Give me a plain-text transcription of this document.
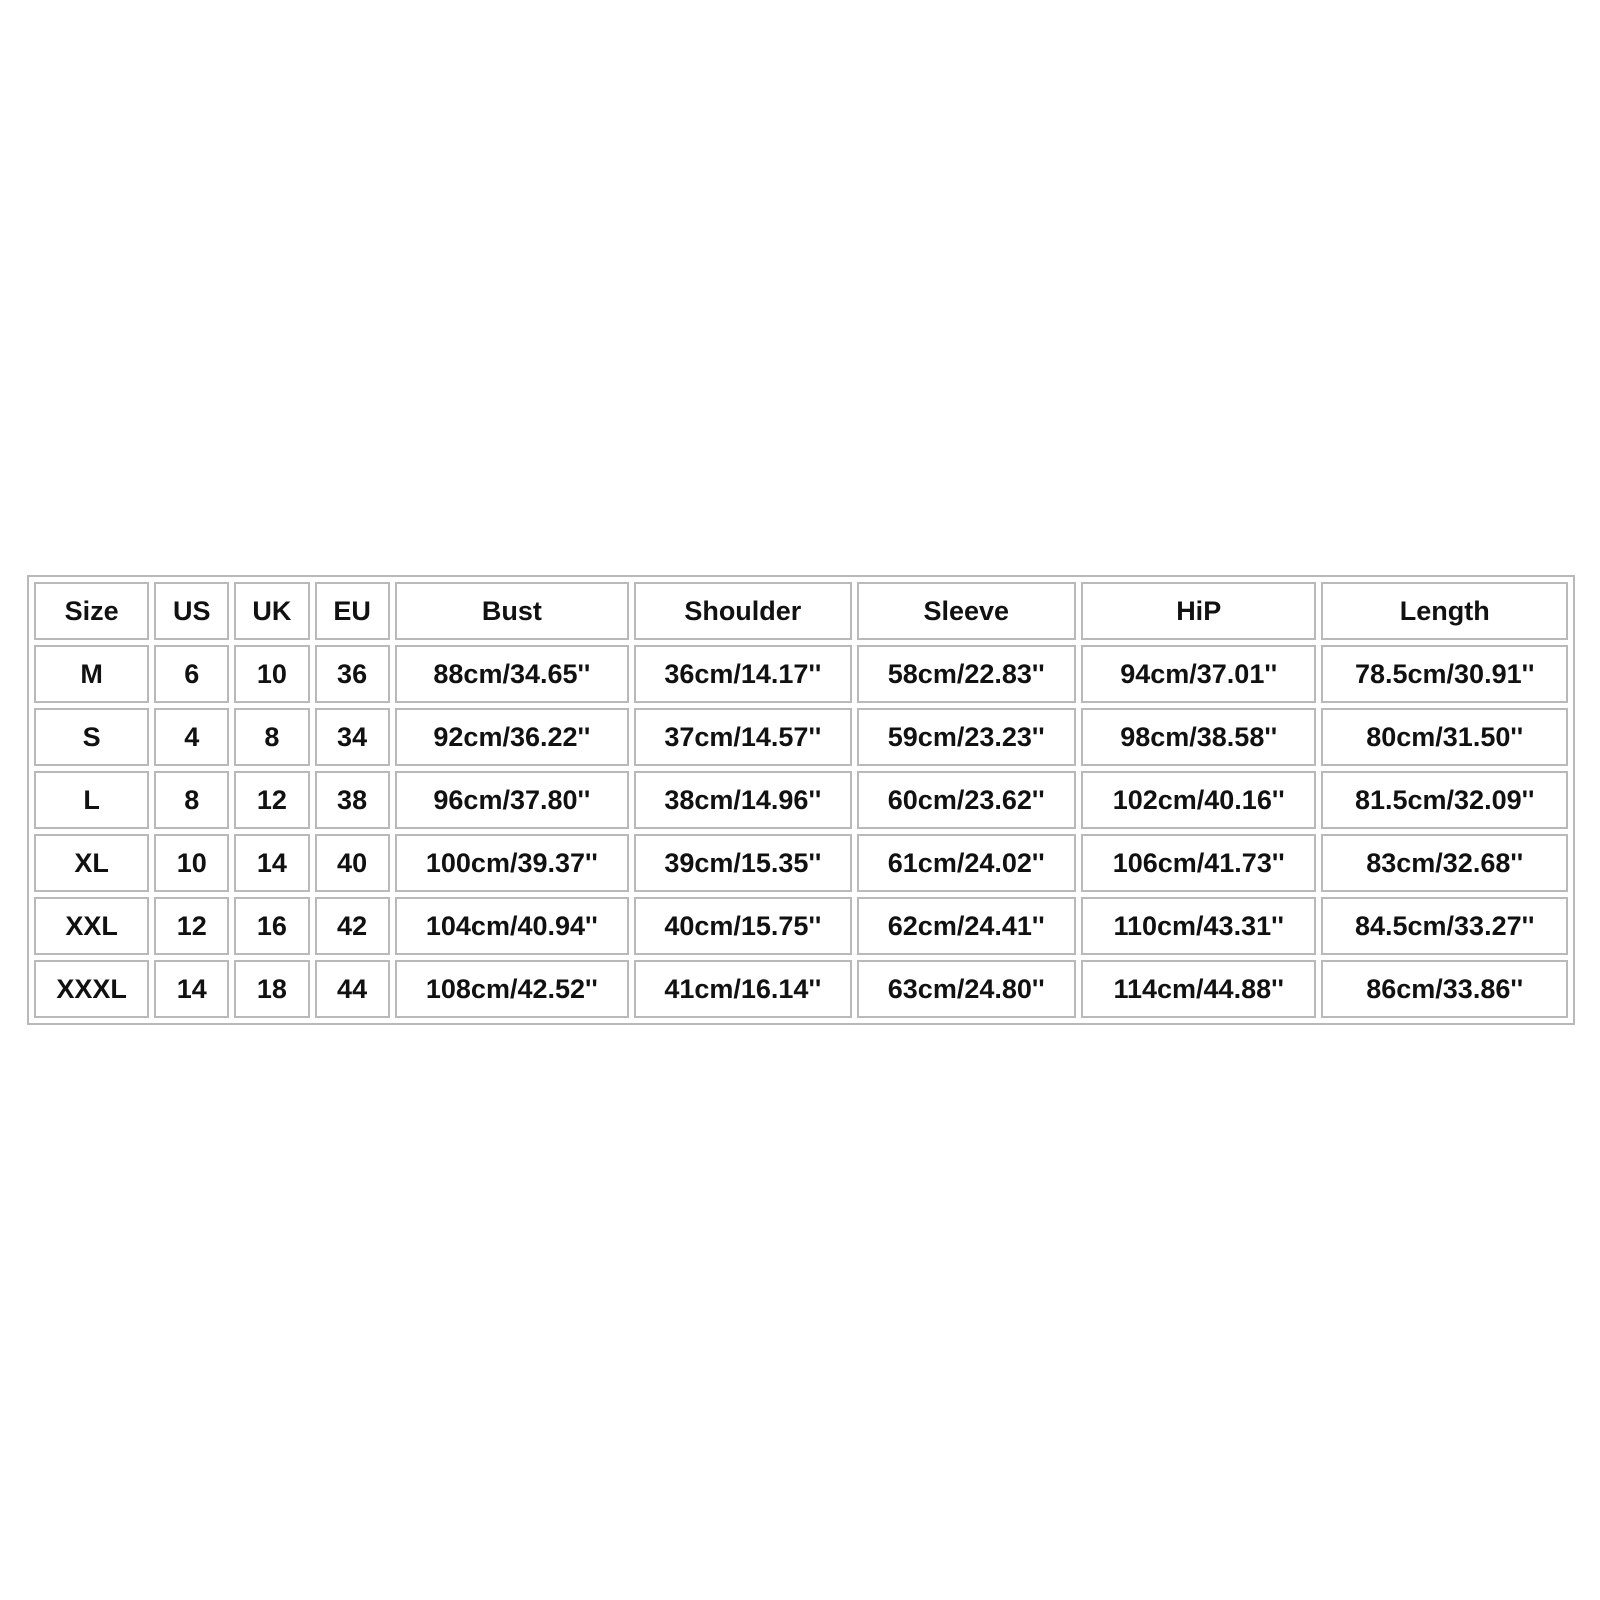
Size	US	UK	EU	Bust	Shoulder	Sleeve	HiP	Length
M	6	10	36	88cm/34.65''	36cm/14.17''	58cm/22.83''	94cm/37.01''	78.5cm/30.91''
S	4	8	34	92cm/36.22''	37cm/14.57''	59cm/23.23''	98cm/38.58''	80cm/31.50''
L	8	12	38	96cm/37.80''	38cm/14.96''	60cm/23.62''	102cm/40.16''	81.5cm/32.09''
XL	10	14	40	100cm/39.37''	39cm/15.35''	61cm/24.02''	106cm/41.73''	83cm/32.68''
XXL	12	16	42	104cm/40.94''	40cm/15.75''	62cm/24.41''	110cm/43.31''	84.5cm/33.27''
XXXL	14	18	44	108cm/42.52''	41cm/16.14''	63cm/24.80''	114cm/44.88''	86cm/33.86''
